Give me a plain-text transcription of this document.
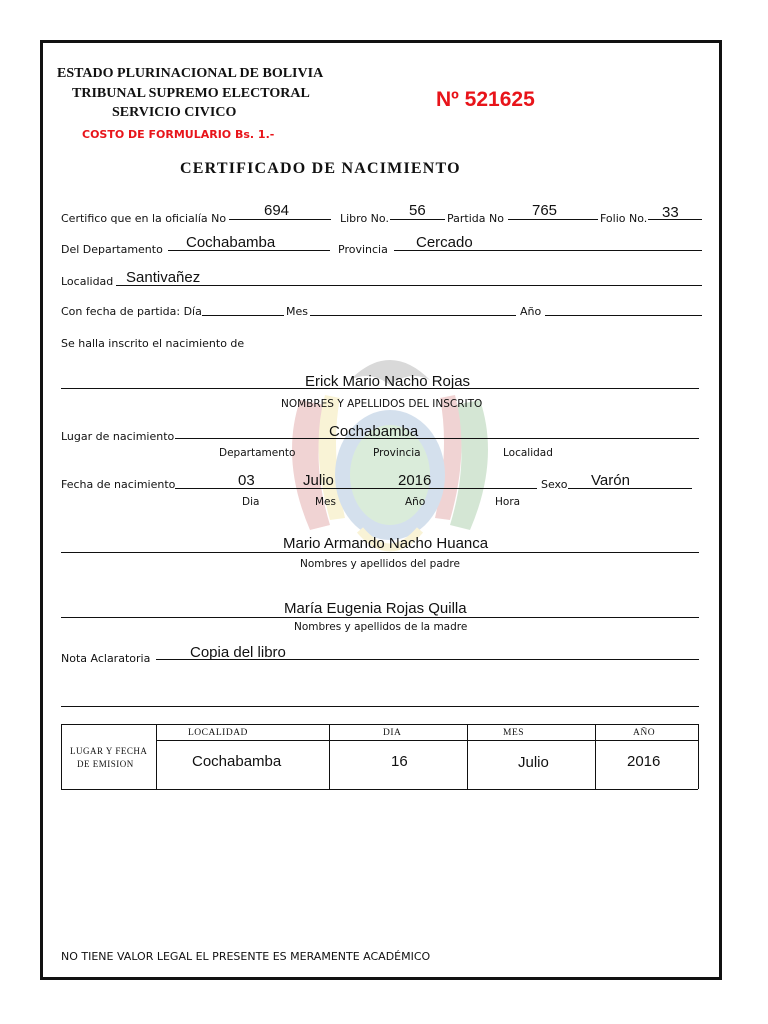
ESTADO PLURINACIONAL DE BOLIVIA
TRIBUNAL SUPREMO ELECTORAL
SERVICIO CIVICO
COSTO DE FORMULARIO Bs. 1.-
Nº 521625
CERTIFICADO DE NACIMIENTO
Certifico que en la oficialía No	694	Libro No. 56 Partida No 765	Folio No. 33
Del Departamento Cochabamba	Provincia Cercado
Localidad Santivañez
Con fecha de partida: Día	Mes	Año
Se halla inscrito el nacimiento de
Erick Mario Nacho Rojas
NOMBRES Y APELLIDOS DEL INSCRITO
Lugar de nacimiento	Cochabamba
Departamento	Provincia	Localidad
Fecha de nacimiento	03	Julio	2016	Sexo Varón
Dia	Mes	Año	Hora
Mario Armando Nacho Huanca
Nombres y apellidos del padre
María Eugenia Rojas Quilla
Nombres y apellidos de la madre
Nota Aclaratoria	Copia del libro
LUGAR Y FECHA
DE EMISION
LOCALIDAD	DIA	MES	AÑO
Cochabamba	16	Julio	2016
NO TIENE VALOR LEGAL EL PRESENTE ES MERAMENTE ACADÉMICO
